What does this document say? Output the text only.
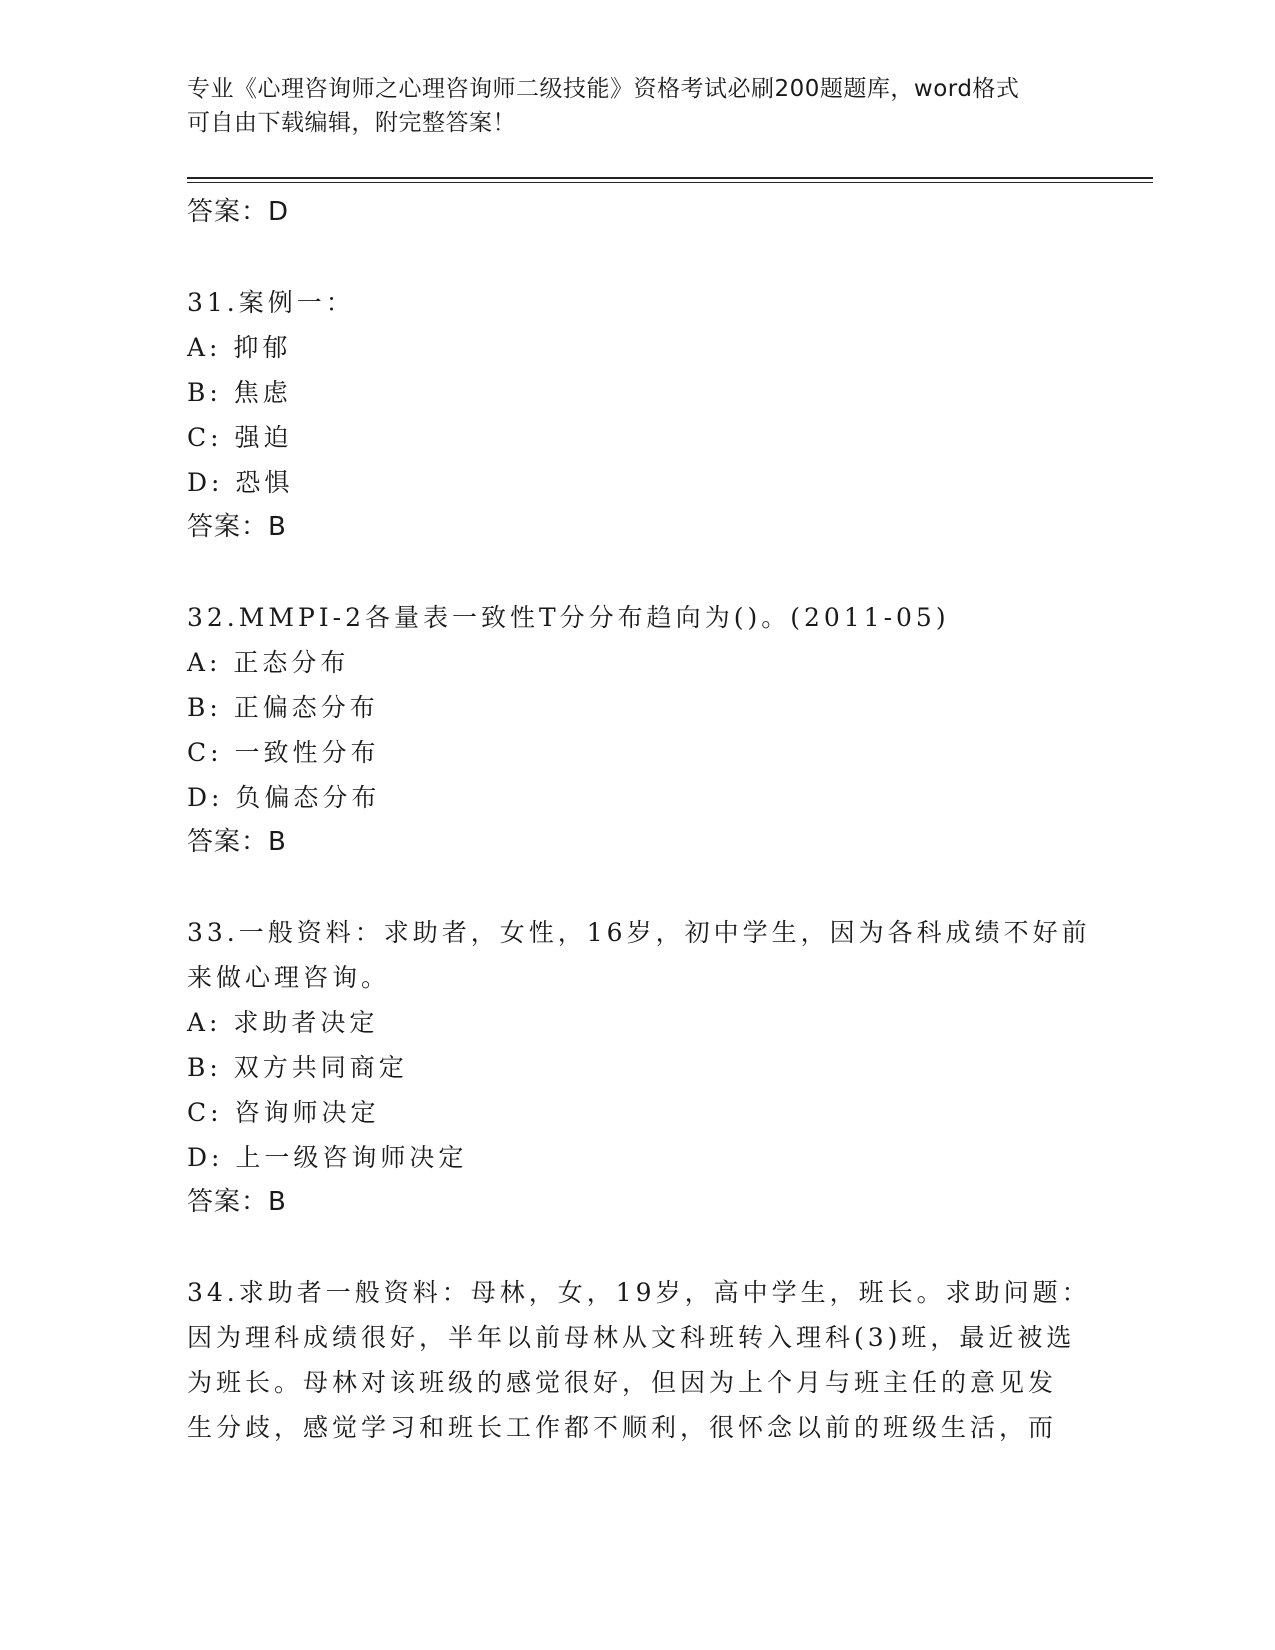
专业《心理咨询师之心理咨询师二级技能》资格考试必刷200题题库，word格式
可自由下载编辑，附完整答案！
答案：D
31.案例一：
A: 抑郁
B: 焦虑
C: 强迫
D: 恐惧
答案：B
32.MMPI-2各量表一致性T分分布趋向为()。(2011-05)
A: 正态分布
B: 正偏态分布
C: 一致性分布
D: 负偏态分布
答案：B
33.一般资料：求助者，女性，16岁，初中学生，因为各科成绩不好前
来做心理咨询。
A: 求助者决定
B: 双方共同商定
C: 咨询师决定
D: 上一级咨询师决定
答案：B
34.求助者一般资料：母林，女，19岁，高中学生，班长。求助问题：
因为理科成绩很好，半年以前母林从文科班转入理科(3)班，最近被选
为班长。母林对该班级的感觉很好，但因为上个月与班主任的意见发
生分歧，感觉学习和班长工作都不顺利，很怀念以前的班级生活，而
